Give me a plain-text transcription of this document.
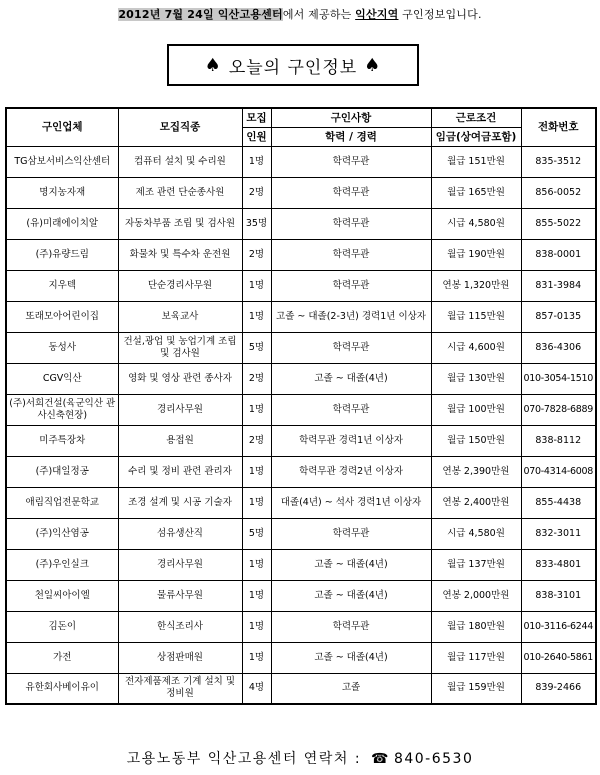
2012년 7월 24일 익산고용센터에서 제공하는 익산지역 구인정보입니다.
♠ 오늘의 구인정보 ♠
구인업체	모집직종	모집	구인사항	근로조건	전화번호
		인원	학력 / 경력	임금(상여금포함)	
TG삼보서비스익산센터	컴퓨터 설치 및 수리원	1명	학력무관	월급 151만원	835-3512
명지농자재	제조 관련 단순종사원	2명	학력무관	월급 165만원	856-0052
(유)미래에이치알	자동차부품 조립 및 검사원	35명	학력무관	시급 4,580원	855-5022
(주)유량드림	화물차 및 특수차 운전원	2명	학력무관	월급 190만원	838-0001
지우텍	단순경리사무원	1명	학력무관	연봉 1,320만원	831-3984
또래모아어린이집	보육교사	1명	고졸 ~ 대졸(2-3년) 경력1년 이상자	월급 115만원	857-0135
동성사	건설,광업 및 농업기계 조립 및 검사원	5명	학력무관	시급 4,600원	836-4306
CGV익산	영화 및 영상 관련 종사자	2명	고졸 ~ 대졸(4년)	월급 130만원	010-3054-1510
(주)서희건설(육군익산 관사신축현장)	경리사무원	1명	학력무관	월급 100만원	070-7828-6889
미주특장차	용접원	2명	학력무관 경력1년 이상자	월급 150만원	838-8112
(주)대일정공	수리 및 정비 관련 관리자	1명	학력무관 경력2년 이상자	연봉 2,390만원	070-4314-6008
애림직업전문학교	조경 설계 및 시공 기술자	1명	대졸(4년) ~ 석사 경력1년 이상자	연봉 2,400만원	855-4438
(주)익산염공	섬유생산직	5명	학력무관	시급 4,580원	832-3011
(주)우인실크	경리사무원	1명	고졸 ~ 대졸(4년)	월급 137만원	833-4801
천일씨아이엘	물류사무원	1명	고졸 ~ 대졸(4년)	연봉 2,000만원	838-3101
김돈이	한식조리사	1명	학력무관	월급 180만원	010-3116-6244
가전	상점판매원	1명	고졸 ~ 대졸(4년)	월급 117만원	010-2640-5861
유한회사베이유이	전자제품제조 기계 설치 및 정비원	4명	고졸	월급 159만원	839-2466
고용노동부 익산고용센터 연락처 : ☎ 840-6530
